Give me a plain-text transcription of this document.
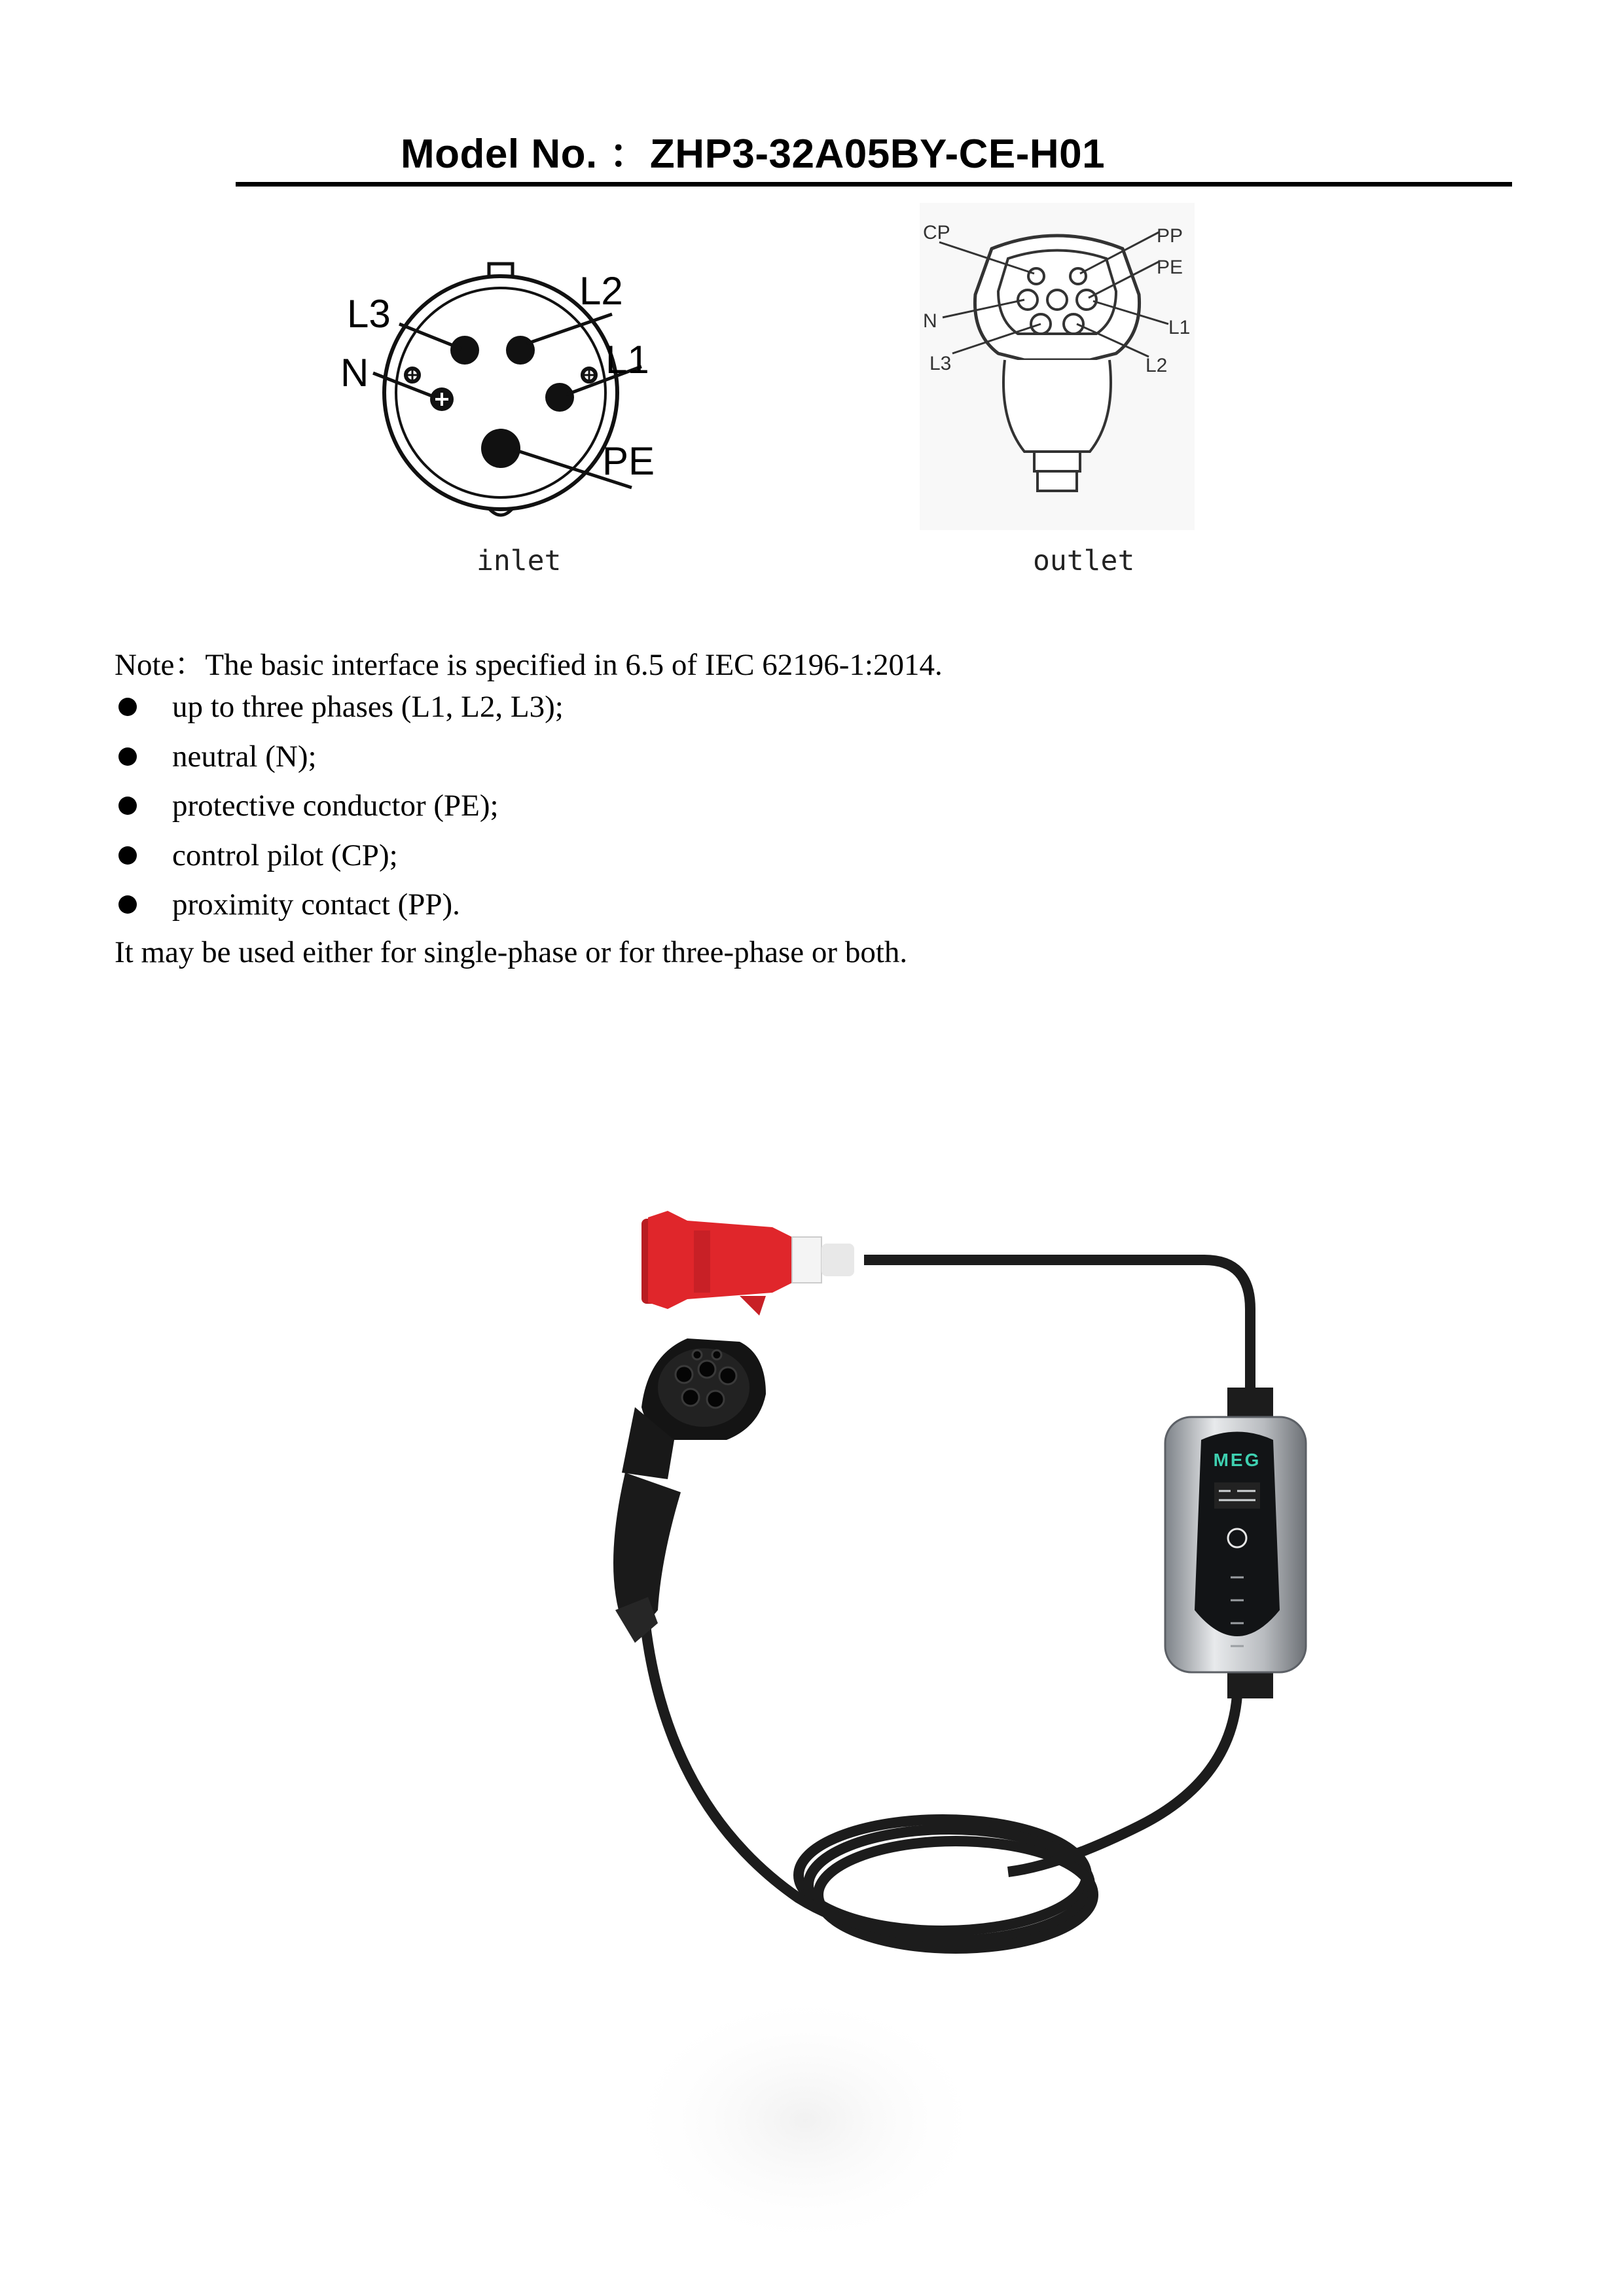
Model No. ：ZHP3-32A05BY-CE-H01
L3
L2
N	L1
PE
inlet
CP	PP
PE
N	L1
L3	L2
outlet
Note：The basic interface is specified in 6.5 of IEC 62196-1:2014.
up to three phases (L1, L2, L3);
neutral (N);
protective conductor (PE);
control pilot (CP);
proximity contact (PP).
It may be used either for single-phase or for three-phase or both.
MEG
